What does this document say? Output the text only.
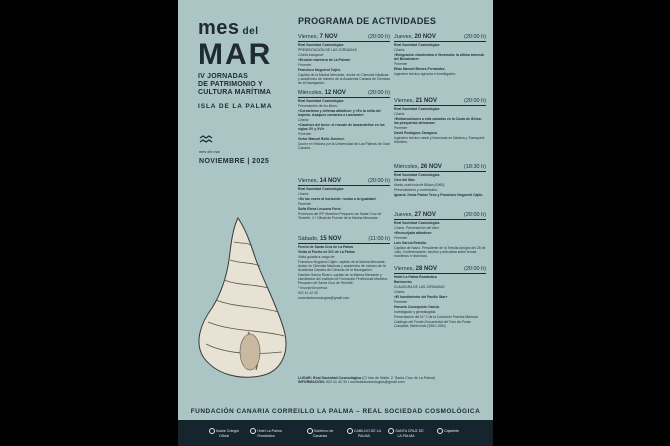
mes del
MAR
IV JORNADAS
DE PATRIMONIO Y
CULTURA MARÍTIMA
ISLA DE LA PALMA
mes del mar
NOVIEMBRE | 2025
PROGRAMA DE ACTIVIDADES
Viernes, 7 NOV	(20:00 h)

Real Sociedad Cosmológica

PRESENTACIÓN DE LAS JORNADAS

Charla inaugural:

«Erosión marinera de La Palma»

Ponente:

Francisco Noguerol Cajén.

Capitán de la Marina Mercante, doctor en Ciencias Náuticas y académico de número de la Academia Canaria de Ciencias de la Navegación.

Miércoles, 12 NOV	(20:00 h)

Real Sociedad Cosmológica

Presentación de los libros:

«Corsarismo y defensa atlántica» y «En la orilla del imperio. Asaques corsarios a Lanzarote»

Charla:

«Cautivos del turco: el rescate de lanzaroteños en los siglos XV y XVI»

Ponente:

Víctor Manuel Bello Jiménez.

Doctor en Historia por la Universidad de Las Palmas de Gran Canaria.

Viernes, 14 NOV	(20:00 h)

Real Sociedad Cosmológica

Charla:

«De las voces al horizonte: rumbo a la igualdad»

Ponente:

Sofía Elena Lecuona Forte.

Profesora del IFP Marítimo Pesquero de Santa Cruz de Tenerife, 1.ª Oficial de Puente de la Marina Mercante.

Sábado, 15 NOV	(11:00 h)

Puerto de Santa Cruz de La Palma

Visita al Puerto de S/C de La Palma

Visita guiada a cargo de:

Francisco Noguerol Cajén: capitán de la Marina Mercante, doctor en Ciencias Náuticas y académico de número de la Academia Canaria de Ciencias de la Navegación.

Damián García Rivero: capitán de la Marina Mercante y vicedirector del Instituto de Formación Profesional Marítimo Pesquero de Santa Cruz de Tenerife.

* Inscripción previa:

922 41 42 30

sociedadcosmologica@gmail.com

Jueves, 20 NOV	(20:00 h)

Real Sociedad Cosmológica

Charla:

«Emigración clandestina a Venezuela: la última travesía del Benahoare»

Ponente:

Elías Manuel Bienes Fernández.

Ingeniero técnico agrícola e investigador.

Viernes, 21 NOV	(20:00 h)

Real Sociedad Cosmológica

Charla:

«Embarcaciones a vela canarias en la Costa de África: las pesquerías africanas»

Ponente:

David Rodríguez Zaragoza.

Ingeniero técnico naval y licenciado en Náutica y Transporte Marítimo.

Miércoles, 26 NOV	(18:30 h)

Real Sociedad Cosmológica

Cine del Mar:

Marta, matrícula de Bilbao (1960).

Presentadores y contertulios:

Ignacio Jesús Pastor Teso y Francisco Noguerol Cajén.

Jueves, 27 NOV	(20:00 h)

Real Sociedad Cosmológica

Charla. Presentación del libro:

«Encrucijada atlántica»

Ponente:

Luis García Rebollo.

Capitán de Navío. Presidente de la Tertulia Amigos del 25 de Julio. Conferenciante, escritor y articulista sobre temas marítimos e históricos.

Viernes, 28 NOV	(20:00 h)

Hotel La Palma Romántica

Barlovento

CLAUSURA DE LAS JORNADAS

Charla:

«El hundimiento del Pacific Star»

Ponente:

Honorio Concepción García.

Investigador y genealogista.

Presentación del N.º 2 de la Colección Puertos Marinos:

Catálogo del Fondo Documental del Faro de Punta Cumplida, Barlovento (1861-1991)

LUGAR: Real Sociedad Cosmológica (C/ Van de Walle, 2. Santa Cruz de La Palma)
INFORMACIÓN: 922 41 42 30 • sociedadcosmologica@gmail.com
FUNDACIÓN CANARIA CORREILLO LA PALMA – REAL SOCIEDAD COSMOLÓGICA
Ilustre Colegio Oficial
Hotel La Palma Romántica
Gobierno de Canarias
CABILDO DE LA PALMA
SANTA CRUZ DE LA PALMA
Cajasiete
